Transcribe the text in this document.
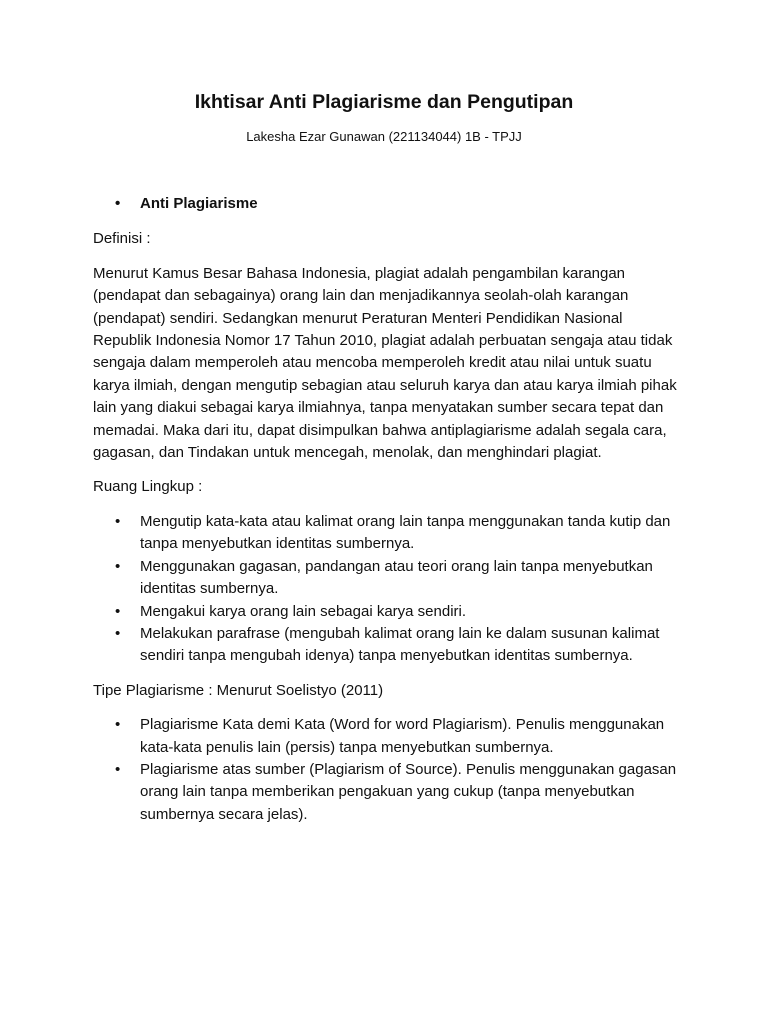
Ikhtisar Anti Plagiarisme dan Pengutipan
Lakesha Ezar Gunawan (221134044) 1B - TPJJ
• Anti Plagiarisme

Definisi :

Menurut Kamus Besar Bahasa Indonesia, plagiat adalah pengambilan karangan (pendapat dan sebagainya) orang lain dan menjadikannya seolah-olah karangan (pendapat) sendiri. Sedangkan menurut Peraturan Menteri Pendidikan Nasional Republik Indonesia Nomor 17 Tahun 2010, plagiat adalah perbuatan sengaja atau tidak sengaja dalam memperoleh atau mencoba memperoleh kredit atau nilai untuk suatu karya ilmiah, dengan mengutip sebagian atau seluruh karya dan atau karya ilmiah pihak lain yang diakui sebagai karya ilmiahnya, tanpa menyatakan sumber secara tepat dan memadai. Maka dari itu, dapat disimpulkan bahwa antiplagiarisme adalah segala cara, gagasan, dan Tindakan untuk mencegah, menolak, dan menghindari plagiat.

Ruang Lingkup :

• Mengutip kata-kata atau kalimat orang lain tanpa menggunakan tanda kutip dan tanpa menyebutkan identitas sumbernya.
• Menggunakan gagasan, pandangan atau teori orang lain tanpa menyebutkan identitas sumbernya.
• Mengakui karya orang lain sebagai karya sendiri.
• Melakukan parafrase (mengubah kalimat orang lain ke dalam susunan kalimat sendiri tanpa mengubah idenya) tanpa menyebutkan identitas sumbernya.

Tipe Plagiarisme : Menurut Soelistyo (2011)

• Plagiarisme Kata demi Kata (Word for word Plagiarism). Penulis menggunakan kata-kata penulis lain (persis) tanpa menyebutkan sumbernya.
• Plagiarisme atas sumber (Plagiarism of Source). Penulis menggunakan gagasan orang lain tanpa memberikan pengakuan yang cukup (tanpa menyebutkan sumbernya secara jelas).
